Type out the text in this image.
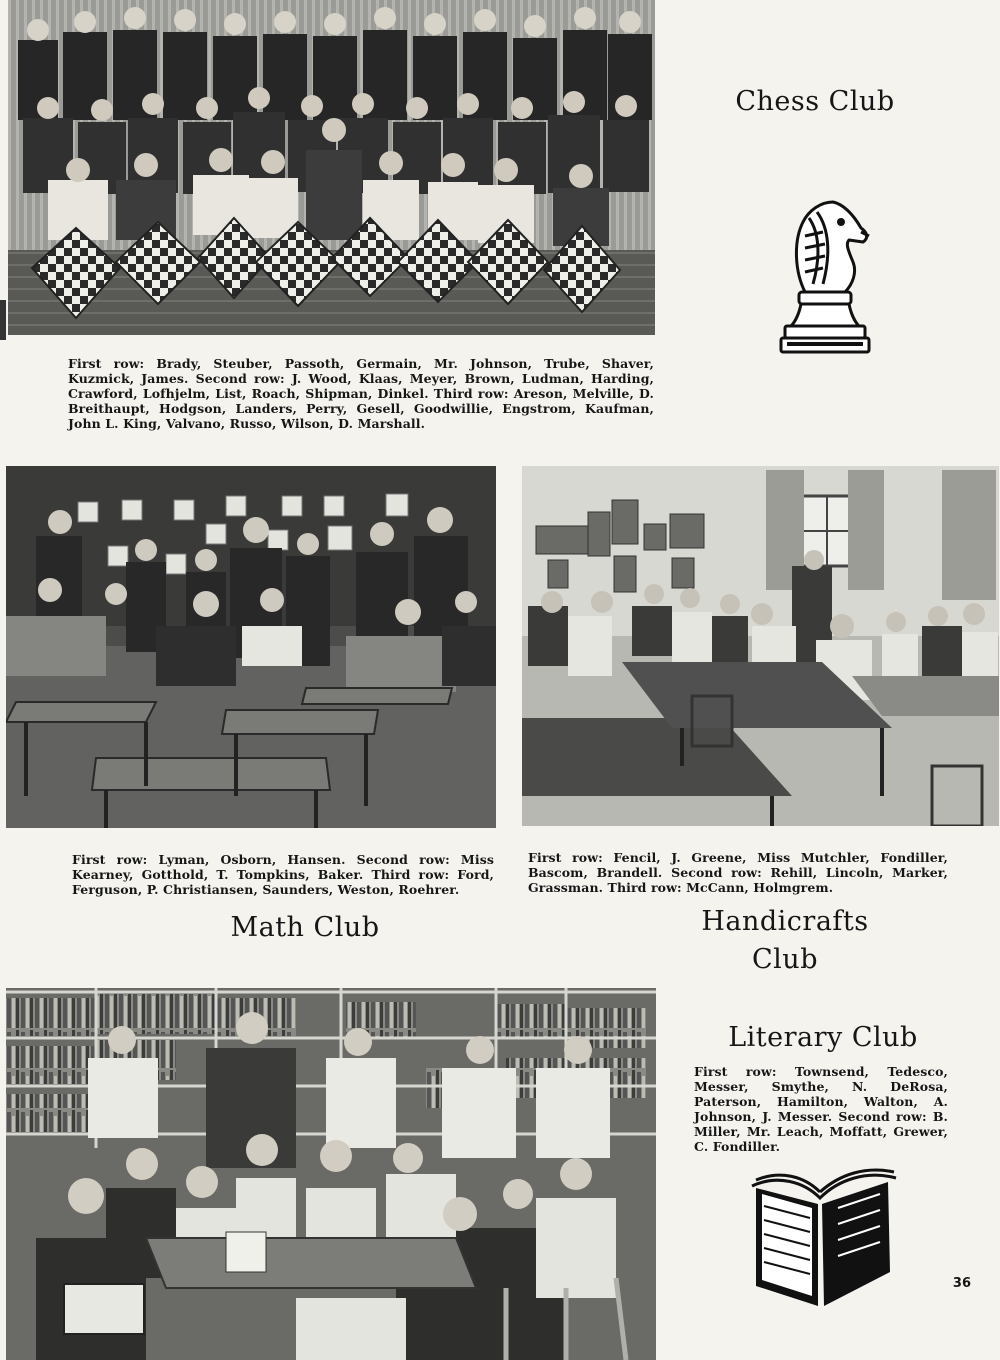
Chess Club
First row: Brady, Steuber, Passoth, Germain, Mr. Johnson, Trube, Shaver, Kuzmick, James. Second row: J. Wood, Klaas, Meyer, Brown, Ludman, Harding, Crawford, Lofhjelm, List, Roach, Shipman, Dinkel. Third row: Areson, Melville, D. Breithaupt, Hodgson, Landers, Perry, Gesell, Goodwillie, Engstrom, Kaufman, John L. King, Valvano, Russo, Wilson, D. Marshall.
First row: Lyman, Osborn, Hansen. Second row: Miss Kearney, Gotthold, T. Tompkins, Baker. Third row: Ford, Ferguson, P. Christiansen, Saunders, Weston, Roehrer.
First row: Fencil, J. Greene, Miss Mutchler, Fondiller, Bascom, Brandell. Second row: Rehill, Lincoln, Marker, Grassman. Third row: McCann, Holmgrem.
Math Club	Handicrafts
Club
Literary Club
First row: Townsend, Tedesco, Messer, Smythe, N. DeRosa, Paterson, Hamilton, Walton, A. Johnson, J. Messer. Second row: B. Miller, Mr. Leach, Moffatt, Grewer, C. Fondiller.
36
